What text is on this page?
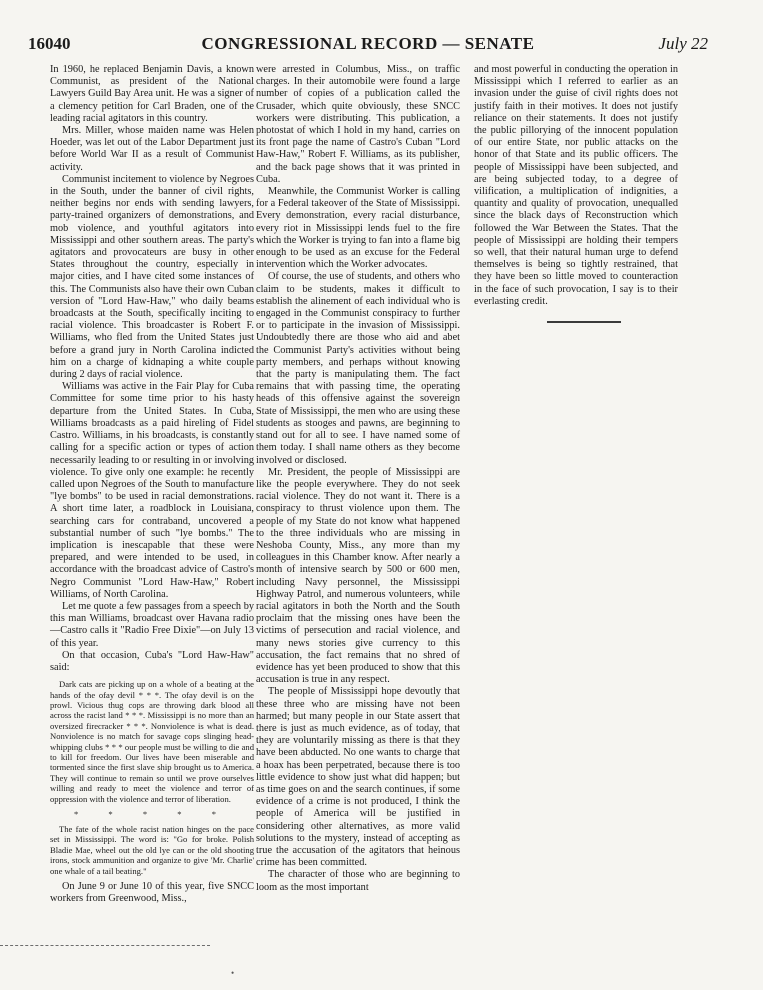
16040	CONGRESSIONAL RECORD — SENATE	July 22

In 1960, he replaced Benjamin Davis, a known Communist, as president of the National Lawyers Guild Bay Area unit. He was a signer of a clemency petition for Carl Braden, one of the leading racial agitators in this country.

Mrs. Miller, whose maiden name was Helen Hoeder, was let out of the Labor Department just before World War II as a result of Communist activity.

Communist incitement to violence by Negroes in the South, under the banner of civil rights, neither begins nor ends with sending lawyers, party-trained organizers of demonstrations, and mob violence, and youthful agitators into Mississippi and other southern areas. The party's agitators and provocateurs are busy in other States throughout the country, especially in major cities, and I have cited some instances of this. The Communists also have their own Cuban version of "Lord Haw-Haw," who daily beams broadcasts at the South, specifically inciting to racial violence. This broadcaster is Robert F. Williams, who fled from the United States just before a grand jury in North Carolina indicted him on a charge of kidnaping a white couple during 2 days of racial violence.

Williams was active in the Fair Play for Cuba Committee for some time prior to his hasty departure from the United States. In Cuba, Williams broadcasts as a paid hireling of Fidel Castro. Williams, in his broadcasts, is constantly calling for a specific action or types of action necessarily leading to or resulting in or involving violence. To give only one example: he recently called upon Negroes of the South to manufacture "lye bombs" to be used in racial demonstrations. A short time later, a roadblock in Louisiana, searching cars for contraband, uncovered a substantial number of such "lye bombs." The implication is inescapable that these were prepared, and were intended to be used, in accordance with the broadcast advice of Castro's Negro Communist "Lord Haw-Haw," Robert Williams, of North Carolina.

Let me quote a few passages from a speech by this man Williams, broadcast over Havana radio—Castro calls it "Radio Free Dixie"—on July 13 of this year.

On that occasion, Cuba's "Lord Haw-Haw" said:

Dark cats are picking up on a whole of a beating at the hands of the ofay devil * * *. The ofay devil is on the prowl. Vicious thug cops are throwing dark blood all across the racist land * * *. Mississippi is no more than an oversized firecracker * * *. Nonviolence is what is dead. Nonviolence is no match for savage cops slinging head-whipping clubs * * * our people must be willing to die and to kill for freedom. Our lives have been miserable and tormented since the first slave ship brought us to America. They will continue to remain so until we prove ourselves willing and ready to meet the violence and terror of oppression with the violence and terror of liberation.

* * * * *

The fate of the whole racist nation hinges on the pace set in Mississippi. The word is: "Go for broke. Polish Bladie Mae, wheel out the old lye can or the old shooting irons, stock ammunition and organize to give 'Mr. Charlie' one whale of a tail beating."

On June 9 or June 10 of this year, five SNCC workers from Greenwood, Miss.,

were arrested in Columbus, Miss., on traffic charges. In their automobile were found a large number of copies of a publication called the Crusader, which quite obviously, these SNCC workers were distributing. This publication, a photostat of which I hold in my hand, carries on its front page the name of Castro's Cuban "Lord Haw-Haw," Robert F. Williams, as its publisher, and the back page shows that it was printed in Cuba.

Meanwhile, the Communist Worker is calling for a Federal takeover of the State of Mississippi. Every demonstration, every racial disturbance, every riot in Mississippi lends fuel to the fire which the Worker is trying to fan into a flame big enough to be used as an excuse for the Federal intervention which the Worker advocates.

Of course, the use of students, and others who claim to be students, makes it difficult to establish the alinement of each individual who is engaged in the Communist conspiracy to further or to participate in the invasion of Mississippi. Undoubtedly there are those who aid and abet the Communist Party's activities without being party members, and perhaps without knowing that the party is manipulating them. The fact remains that with passing time, the operating heads of this offensive against the sovereign State of Mississippi, the men who are using these students as stooges and pawns, are beginning to stand out for all to see. I have named some of them today. I shall name others as they become involved or disclosed.

Mr. President, the people of Mississippi are like the people everywhere. They do not seek racial violence. They do not want it. There is a conspiracy to thrust violence upon them. The people of my State do not know what happened to the three individuals who are missing in Neshoba County, Miss., any more than my colleagues in this Chamber know. After nearly a month of intensive search by 500 or 600 men, including Navy personnel, the Mississippi Highway Patrol, and numerous volunteers, while racial agitators in both the North and the South proclaim that the missing ones have been the victims of persecution and racial violence, and many news stories give currency to this accusation, the fact remains that no shred of evidence has yet been produced to show that this accusation is true in any respect.

The people of Mississippi hope devoutly that these three who are missing have not been harmed; but many people in our State assert that there is just as much evidence, as of today, that they are voluntarily missing as there is that they have been abducted. No one wants to charge that a hoax has been perpetrated, because there is too little evidence to show just what did happen; but as time goes on and the search continues, if some evidence of a crime is not produced, I think the people of America will be justified in considering other alternatives, as more valid solutions to the mystery, instead of accepting as true the accusation of the agitators that heinous crime has been committed.

The character of those who are beginning to loom as the most important

and most powerful in conducting the operation in Mississippi which I referred to earlier as an invasion under the guise of civil rights does not justify faith in their motives. It does not justify reliance on their statements. It does not justify the public pillorying of the innocent population of our entire State, nor public attacks on the honor of that State and its public officers. The people of Mississippi have been subjected, and are being subjected today, to a degree of vilification, a multiplication of indignities, a quantity and quality of provocation, unequalled since the black days of Reconstruction which followed the War Between the States. That the people of Mississippi are holding their tempers so well, that their natural human urge to defend themselves is being so tightly restrained, that they have been so little moved to counteraction in the face of such provocation, I say is to their everlasting credit.

•
